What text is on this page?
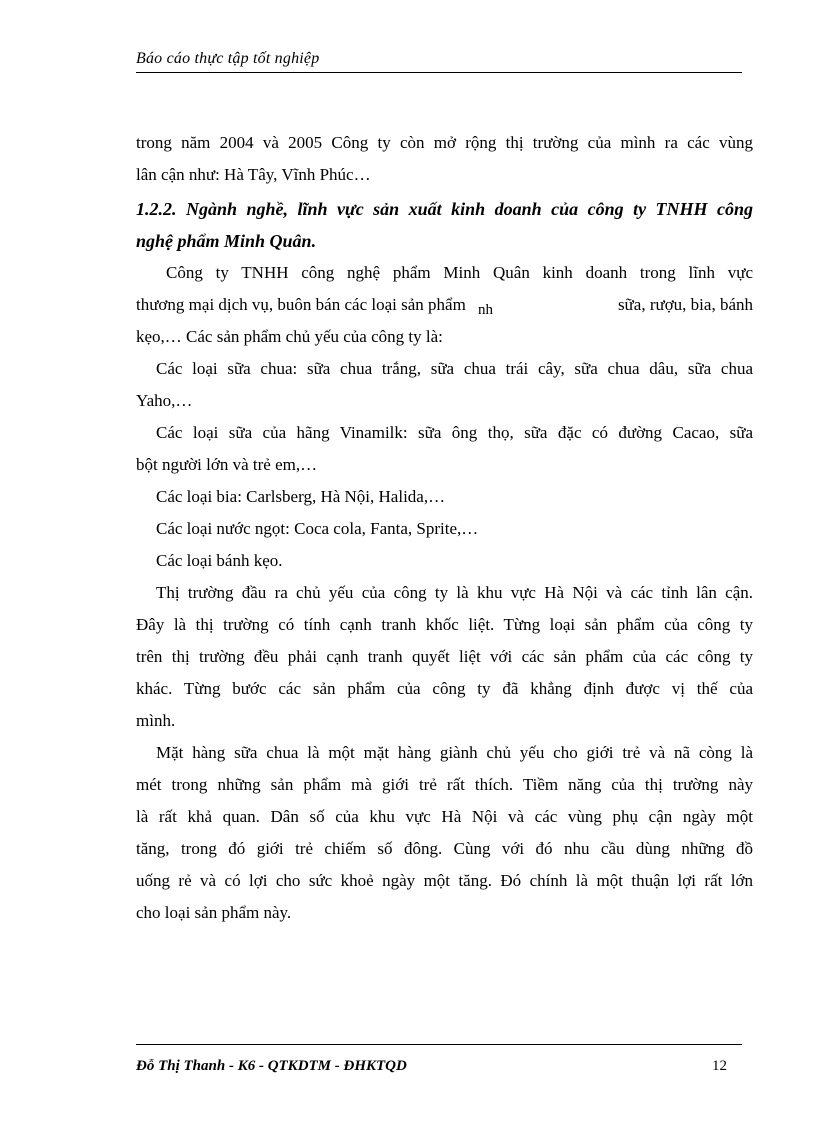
Báo cáo thực tập tốt nghiệp
trong năm 2004 và 2005 Công ty còn mở rộng thị trường của mình ra các vùng
lân cận như: Hà Tây, Vĩnh Phúc…
1.2.2. Ngành nghề, lĩnh vực sản xuất kinh doanh của công ty TNHH công
nghệ phẩm Minh Quân.
Công ty TNHH công nghệ phẩm Minh Quân kinh doanh trong lĩnh vực
thương mại dịch vụ, buôn bán các loại sản phẩm nh	sữa, rượu, bia, bánh
kẹo,… Các sản phẩm chủ yếu của công ty là:
Các loại sữa chua: sữa chua trắng, sữa chua trái cây, sữa chua dâu, sữa chua
Yaho,…
Các loại sữa của hãng Vinamilk: sữa ông thọ, sữa đặc có đường Cacao, sữa
bột người lớn và trẻ em,…
Các loại bia: Carlsberg, Hà Nội, Halida,…
Các loại nước ngọt: Coca cola, Fanta, Sprite,…
Các loại bánh kẹo.
Thị trường đầu ra chủ yếu của công ty là khu vực Hà Nội và các tỉnh lân cận.
Đây là thị trường có tính cạnh tranh khốc liệt. Từng loại sản phẩm của công ty
trên thị trường đều phải cạnh tranh quyết liệt với các sản phẩm của các công ty
khác. Từng bước các sản phẩm của công ty đã khẳng định được vị thế của
mình.
Mặt hàng sữa chua là một mặt hàng giành chủ yếu cho giới trẻ và nã còng là
mét trong những sản phẩm mà giới trẻ rất thích. Tiềm năng của thị trường này
là rất khả quan. Dân số của khu vực Hà Nội và các vùng phụ cận ngày một
tăng, trong đó giới trẻ chiếm số đông. Cùng với đó nhu cầu dùng những đồ
uống rẻ và có lợi cho sức khoẻ ngày một tăng. Đó chính là một thuận lợi rất lớn
cho loại sản phẩm này.
Đỗ Thị Thanh - K6 - QTKDTM - ĐHKTQD	12
